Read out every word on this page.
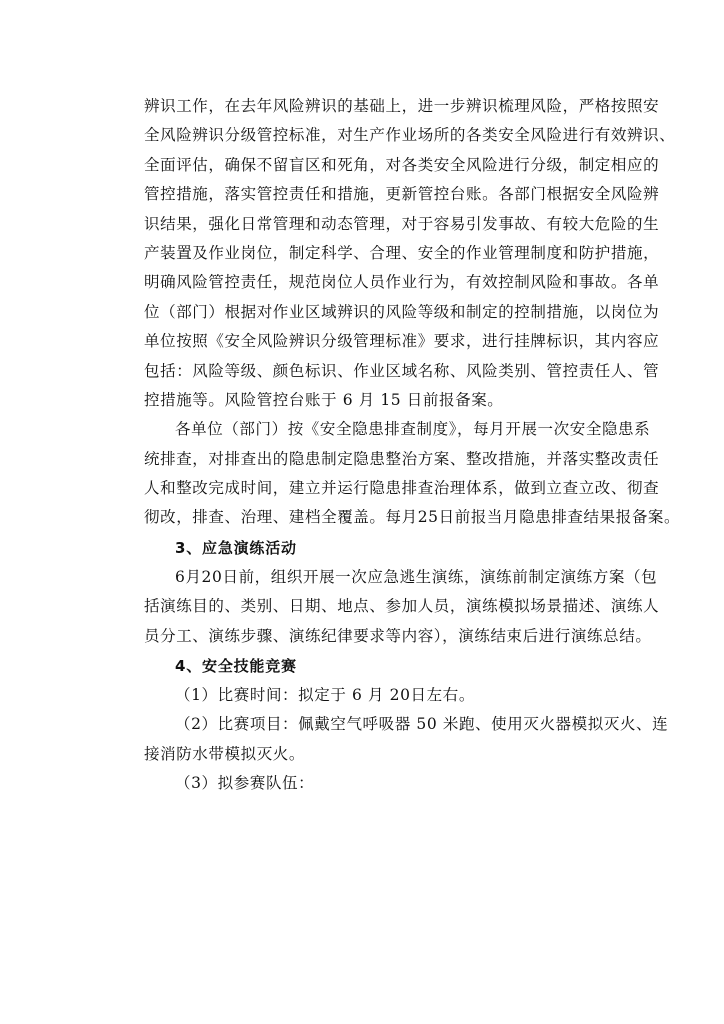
辨识工作，在去年风险辨识的基础上，进一步辨识梳理风险，严格按照安
全风险辨识分级管控标准，对生产作业场所的各类安全风险进行有效辨识、
全面评估，确保不留盲区和死角，对各类安全风险进行分级，制定相应的
管控措施，落实管控责任和措施，更新管控台账。各部门根据安全风险辨
识结果，强化日常管理和动态管理，对于容易引发事故、有较大危险的生
产装置及作业岗位，制定科学、合理、安全的作业管理制度和防护措施，
明确风险管控责任，规范岗位人员作业行为，有效控制风险和事故。各单
位（部门）根据对作业区域辨识的风险等级和制定的控制措施，以岗位为
单位按照《安全风险辨识分级管理标准》要求，进行挂牌标识，其内容应
包括：风险等级、颜色标识、作业区域名称、风险类别、管控责任人、管
控措施等。风险管控台账于 6 月 15 日前报备案。
各单位（部门）按《安全隐患排查制度》，每月开展一次安全隐患系
统排查，对排查出的隐患制定隐患整治方案、整改措施，并落实整改责任
人和整改完成时间，建立并运行隐患排查治理体系，做到立查立改、彻查
彻改，排查、治理、建档全覆盖。每月25日前报当月隐患排查结果报备案。
3、应急演练活动
6月20日前，组织开展一次应急逃生演练，演练前制定演练方案（包
括演练目的、类别、日期、地点、参加人员，演练模拟场景描述、演练人
员分工、演练步骤、演练纪律要求等内容），演练结束后进行演练总结。
4、安全技能竞赛
（1）比赛时间：拟定于 6 月 20日左右。
（2）比赛项目：佩戴空气呼吸器 50 米跑、使用灭火器模拟灭火、连
接消防水带模拟灭火。
（3）拟参赛队伍：
